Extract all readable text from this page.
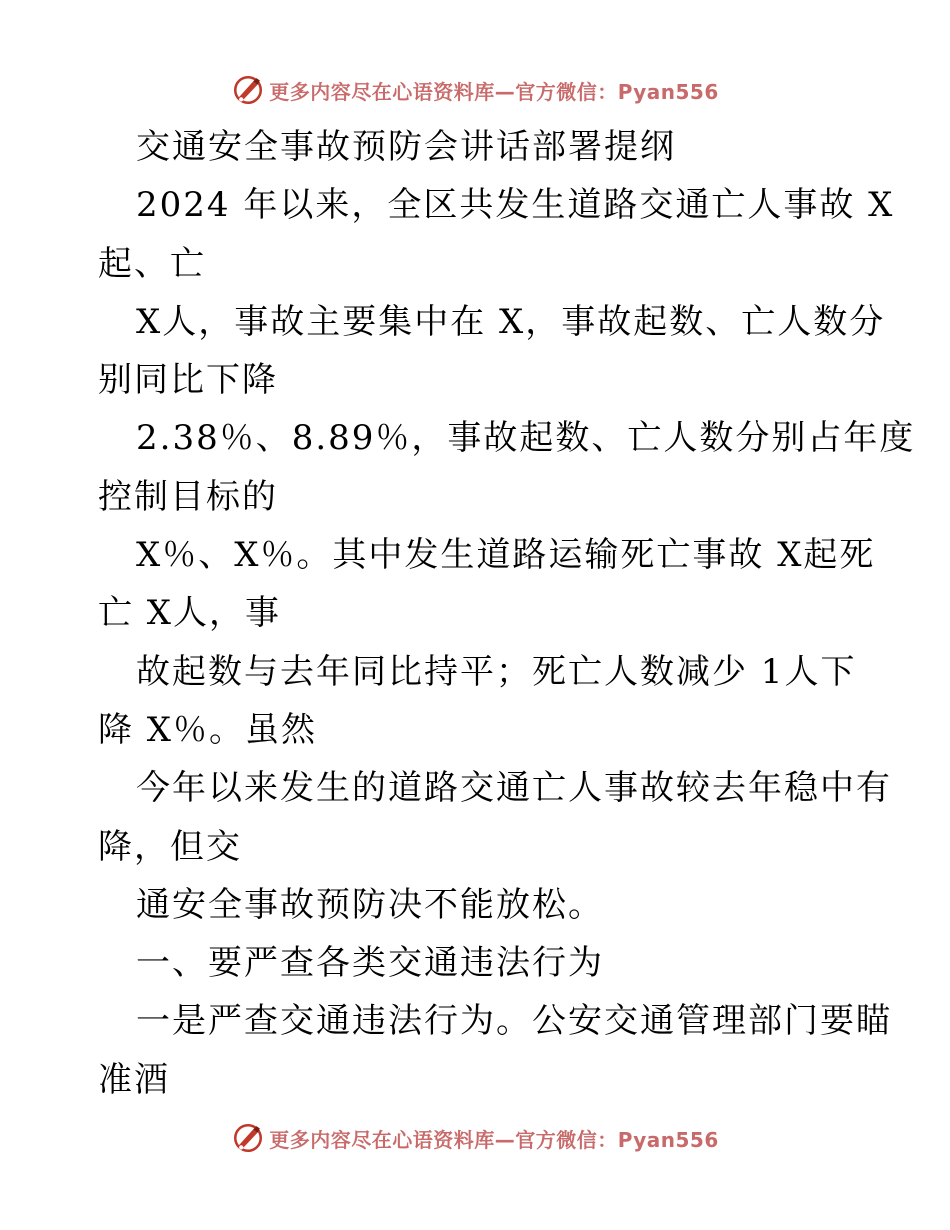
更多内容尽在心语资料库—官方微信：Pyan556

交通安全事故预防会讲话部署提纲

2024 年以来，全区共发生道路交通亡人事故 X

起、亡

X人，事故主要集中在 X，事故起数、亡人数分

别同比下降

2.38％、8.89％，事故起数、亡人数分别占年度

控制目标的

X％、X％。其中发生道路运输死亡事故 X起死

亡 X人，事

故起数与去年同比持平；死亡人数减少 1人下

降 X％。虽然

今年以来发生的道路交通亡人事故较去年稳中有

降，但交

通安全事故预防决不能放松。

一、要严查各类交通违法行为

一是严查交通违法行为。公安交通管理部门要瞄

准酒

更多内容尽在心语资料库—官方微信：Pyan556
